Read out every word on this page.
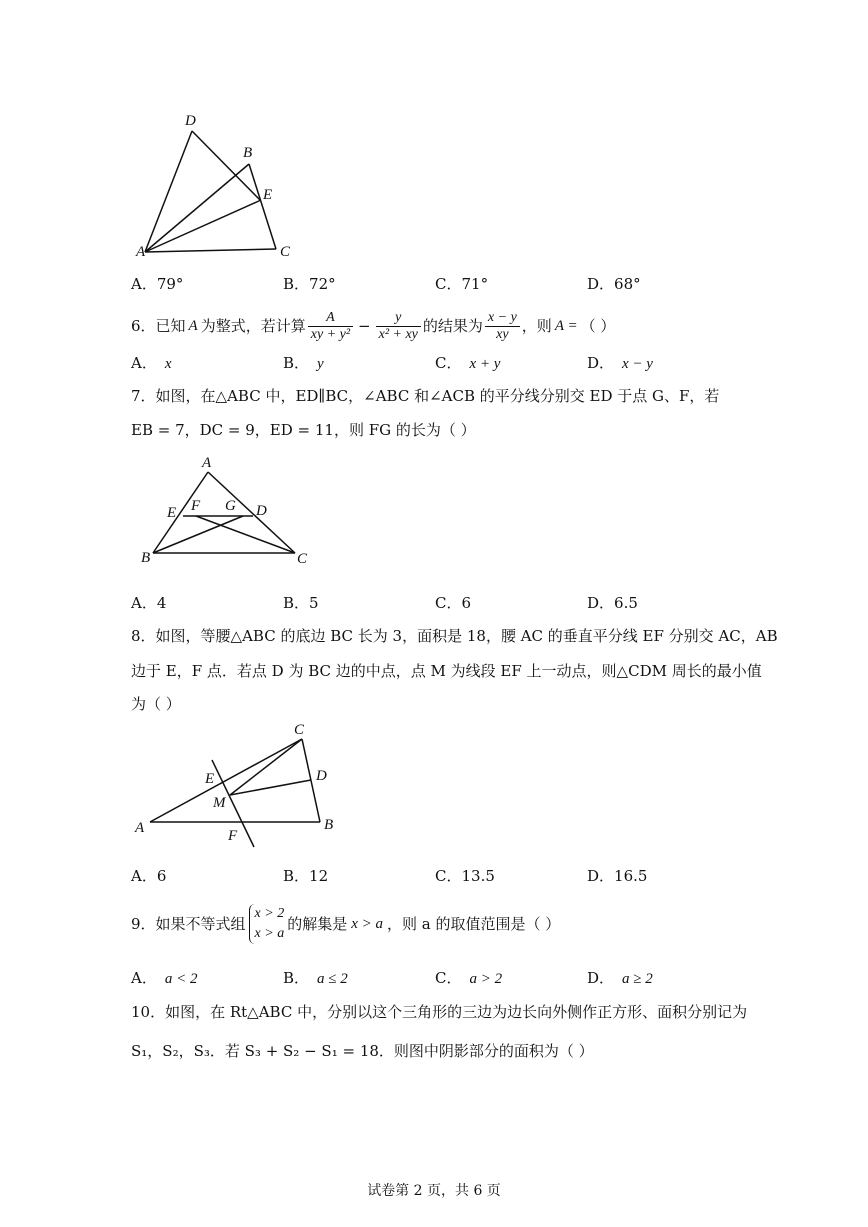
D
B
E
A	C
A．79°	B．72°	C．71°	D．68°
6．已知 A 为整式，若计算 $\frac{A}{\text{xy + y²}} - \frac{y}{\text{x² + xy}}$ 的结果为 $\frac{x - y}{xy}$ ，则 A = （ ）
A． x	B． y	C． x + y	D． x − y
7．如图，在△ABC 中，ED∥BC，∠ABC 和∠ACB 的平分线分别交 ED 于点 G、F，若
EB = 7，DC = 9，ED = 11，则 FG 的长为（ ）
A
E F G D
B	C
A．4	B．5	C．6	D．6.5
8．如图，等腰△ABC 的底边 BC 长为 3，面积是 18，腰 AC 的垂直平分线 EF 分别交 AC，AB
边于 E，F 点．若点 D 为 BC 边的中点，点 M 为线段 EF 上一动点，则△CDM 周长的最小值
为（ ）
C
E	D
M
A	F
B
A．6	B．12	C．13.5	D．16.5
9．如果不等式组
x > 2
x > a
的解集是 x > a ，则 a 的取值范围是（ ）
A． a < 2	B． a ≤ 2	C． a > 2	D． a ≥ 2
10．如图，在 Rt△ABC 中，分别以这个三角形的三边为边长向外侧作正方形、面积分别记为
S₁，S₂，S₃．若 S₃ + S₂ − S₁ = 18．则图中阴影部分的面积为（ ）
试卷第 2 页，共 6 页
